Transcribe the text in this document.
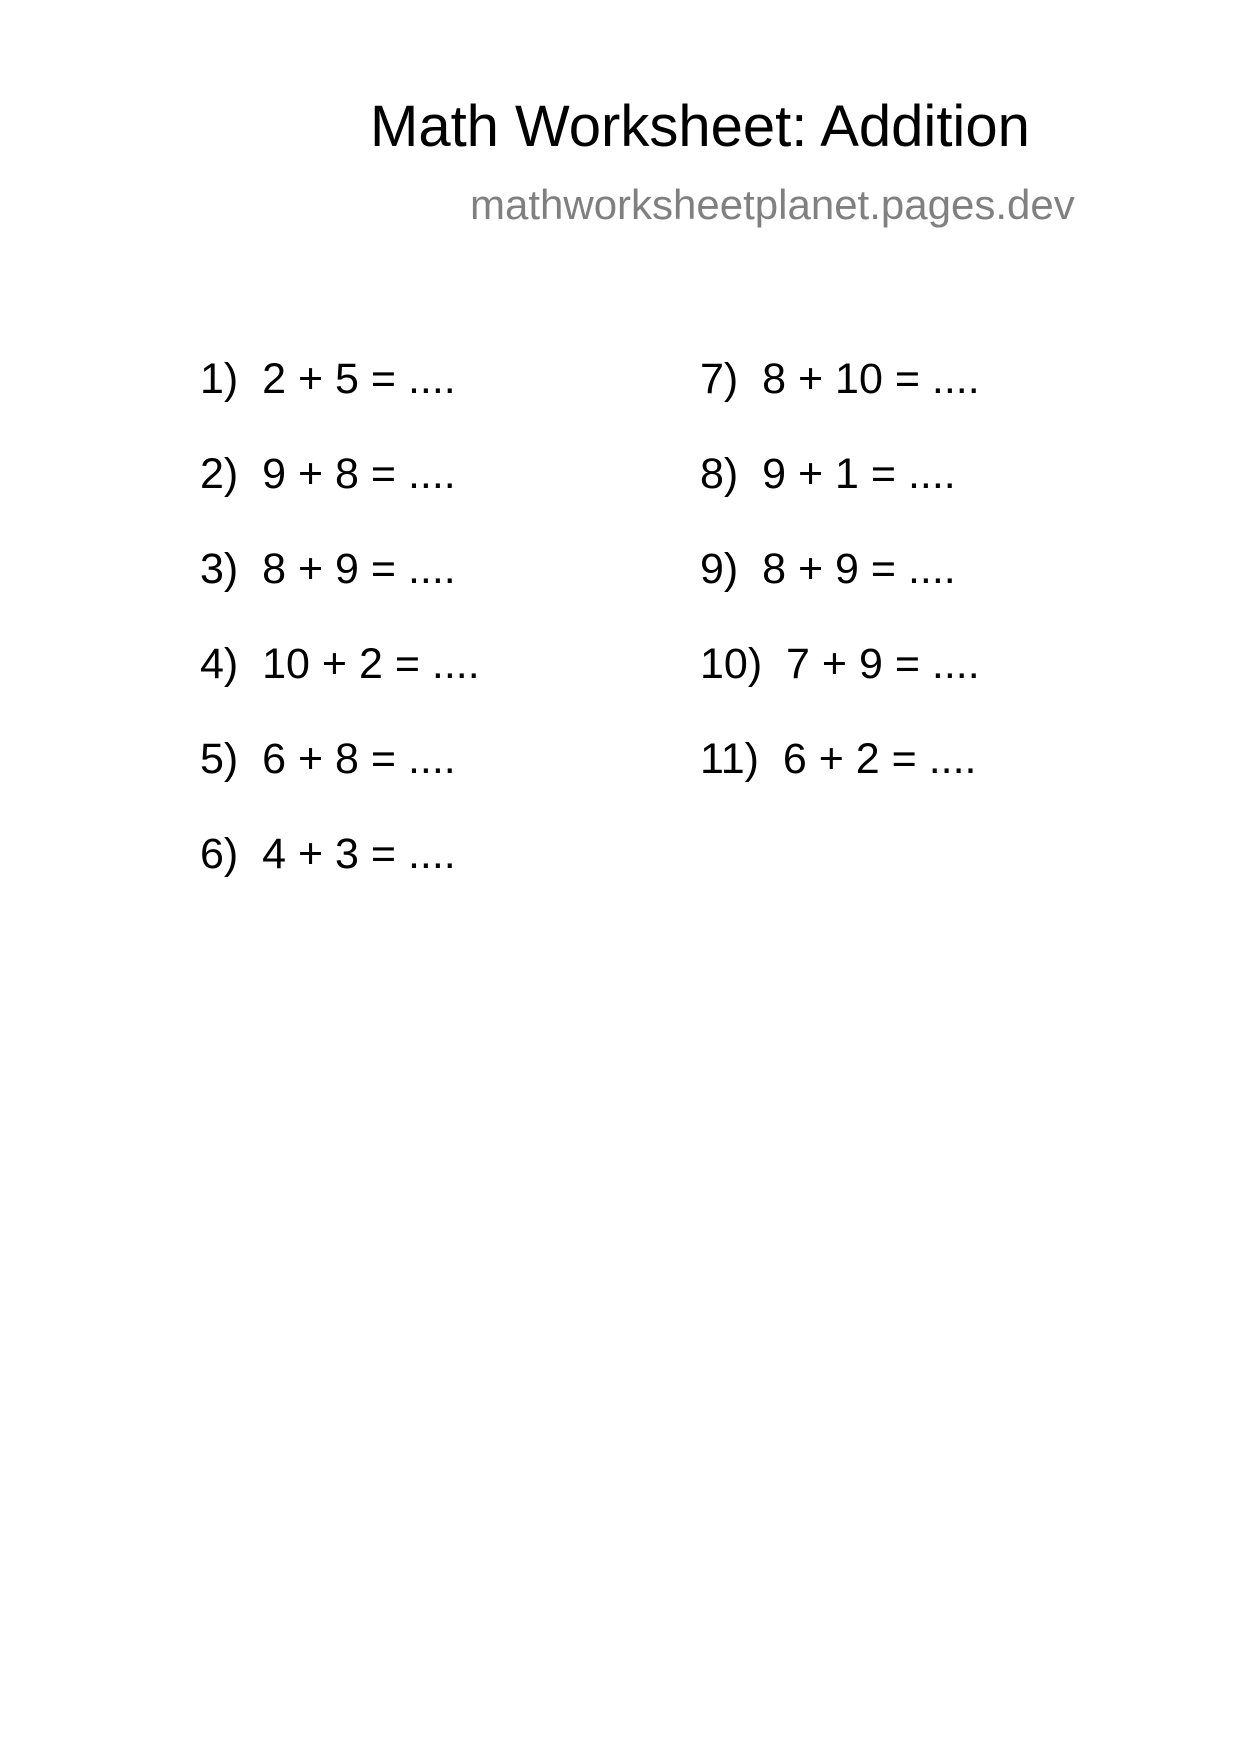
Math Worksheet: Addition
mathworksheetplanet.pages.dev
1)  2 + 5 = ....
2)  9 + 8 = ....
3)  8 + 9 = ....
4)  10 + 2 = ....
5)  6 + 8 = ....
6)  4 + 3 = ....
7)  8 + 10 = ....
8)  9 + 1 = ....
9)  8 + 9 = ....
10)  7 + 9 = ....
11)  6 + 2 = ....
